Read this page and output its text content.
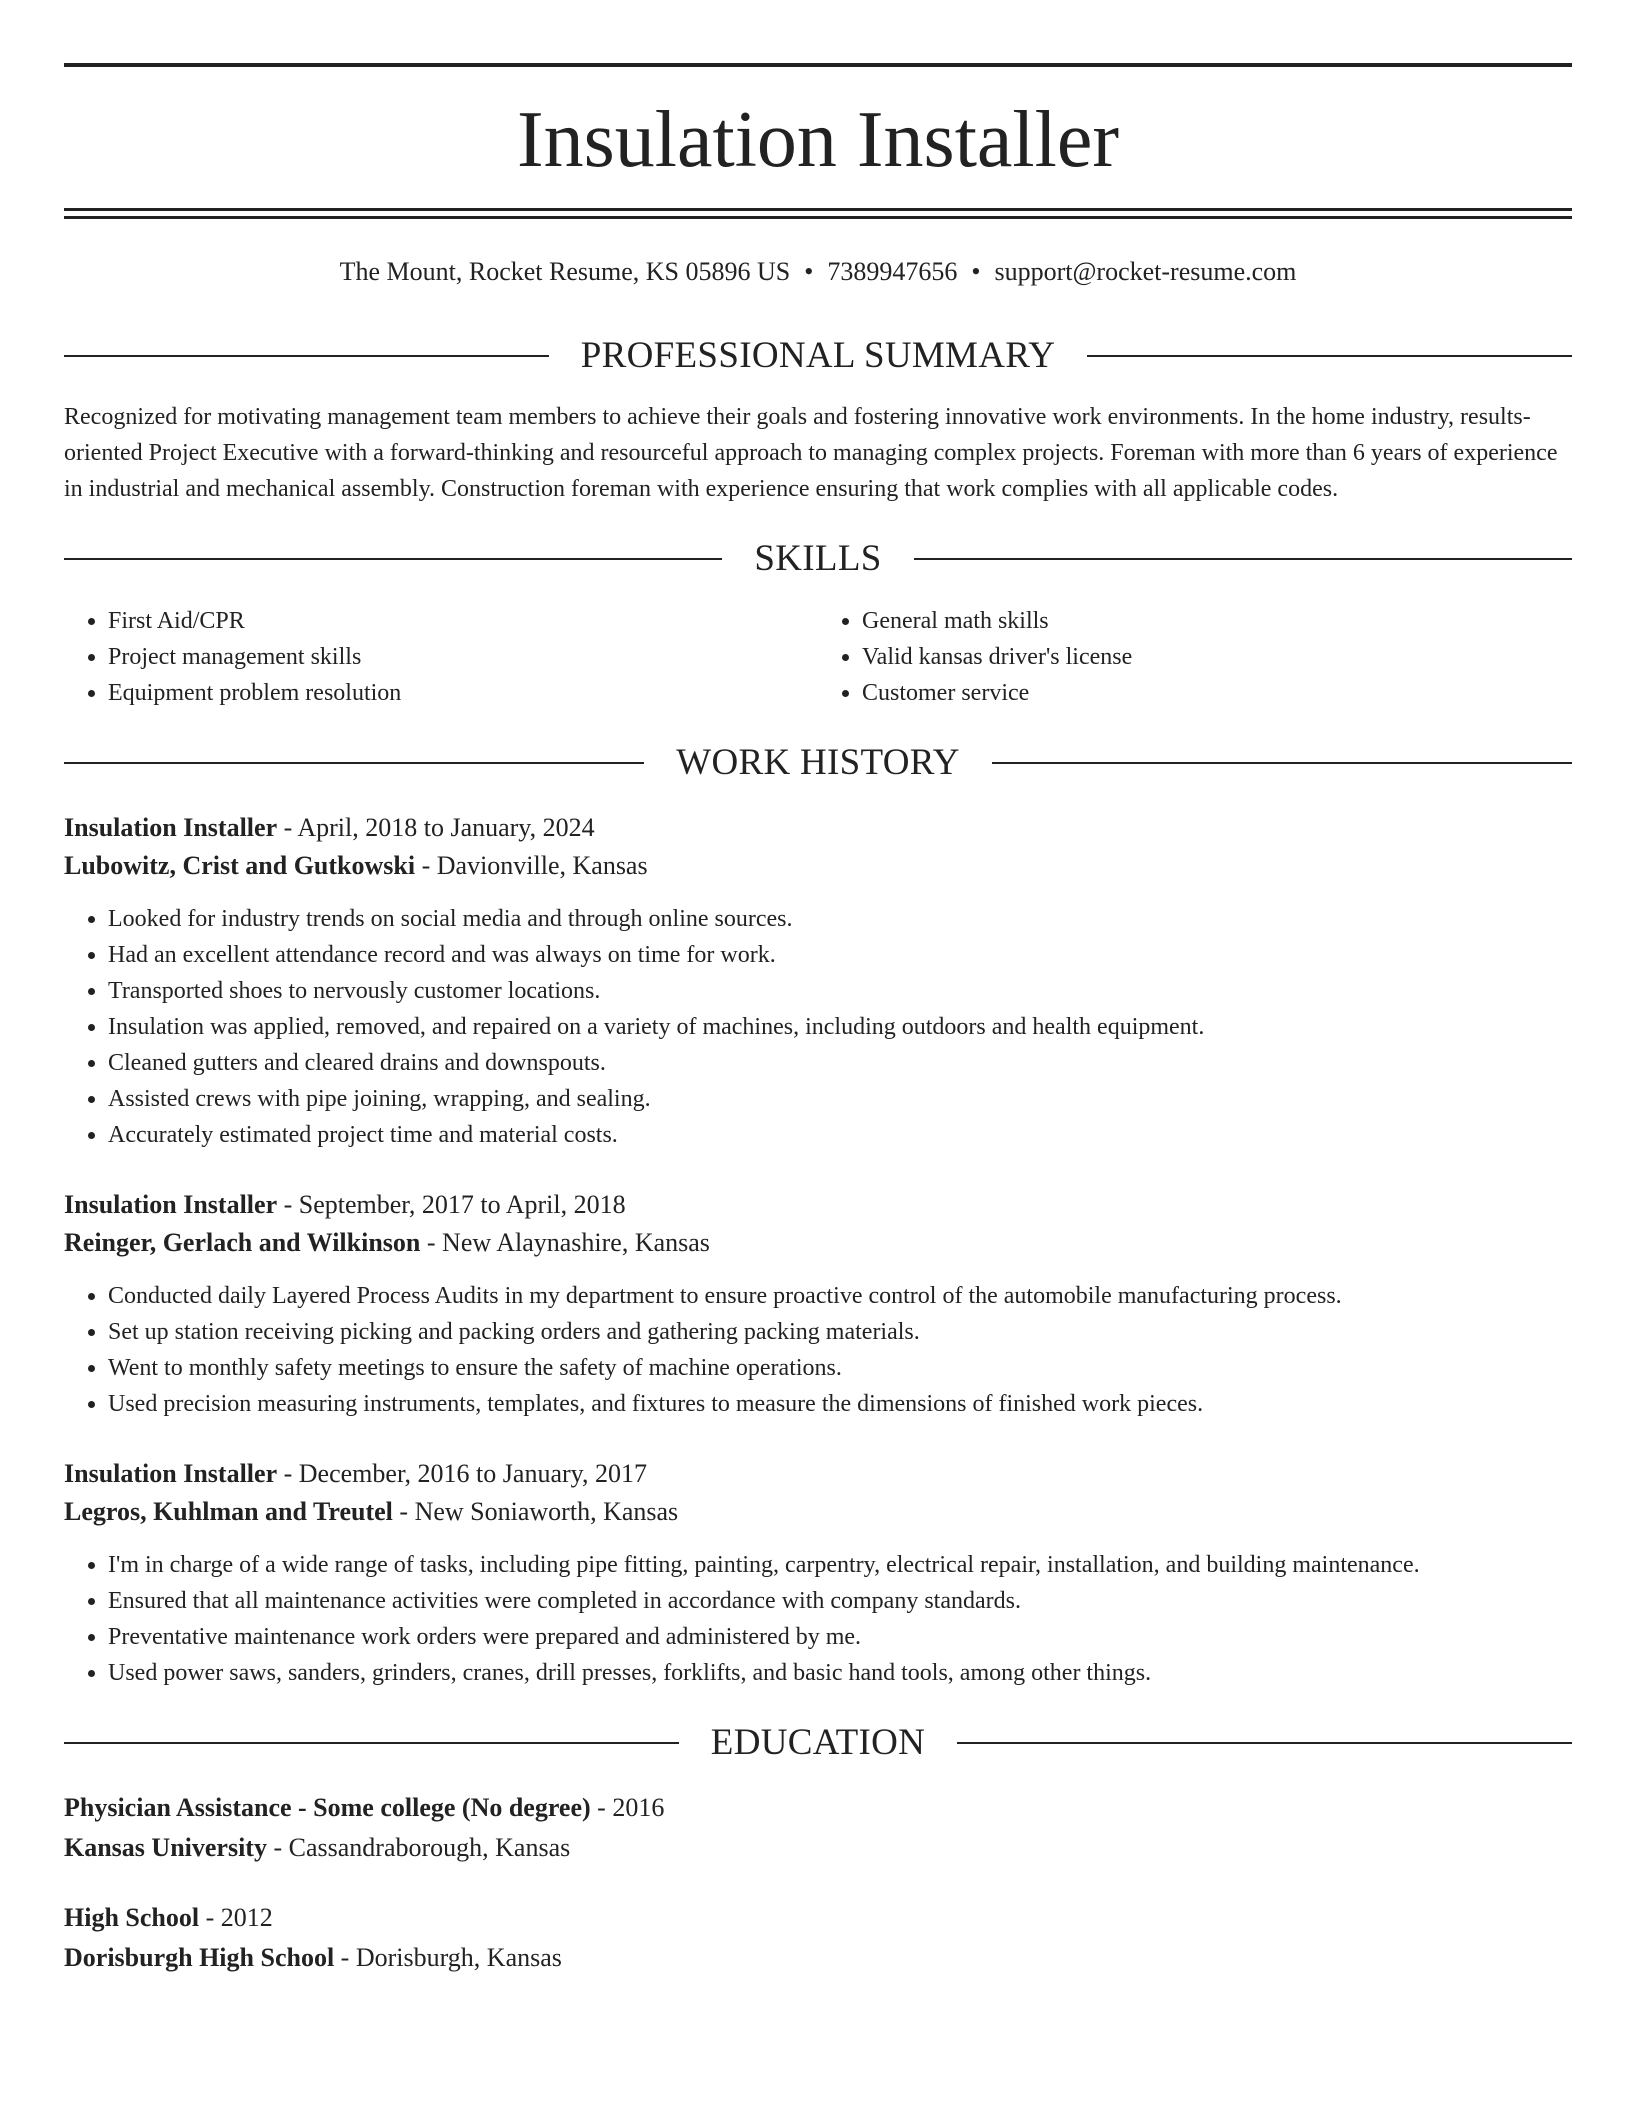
Insulation Installer
The Mount, Rocket Resume, KS 05896 US • 7389947656 • support@rocket-resume.com
PROFESSIONAL SUMMARY

Recognized for motivating management team members to achieve their goals and fostering innovative work environments. In the home industry, results-oriented Project Executive with a forward-thinking and resourceful approach to managing complex projects. Foreman with more than 6 years of experience in industrial and mechanical assembly. Construction foreman with experience ensuring that work complies with all applicable codes.

SKILLS
• First Aid/CPR
• Project management skills
• Equipment problem resolution
• General math skills
• Valid kansas driver's license
• Customer service
WORK HISTORY
Insulation Installer - April, 2018 to January, 2024
Lubowitz, Crist and Gutkowski - Davionville, Kansas
• Looked for industry trends on social media and through online sources.
• Had an excellent attendance record and was always on time for work.
• Transported shoes to nervously customer locations.
• Insulation was applied, removed, and repaired on a variety of machines, including outdoors and health equipment.
• Cleaned gutters and cleared drains and downspouts.
• Assisted crews with pipe joining, wrapping, and sealing.
• Accurately estimated project time and material costs.
Insulation Installer - September, 2017 to April, 2018
Reinger, Gerlach and Wilkinson - New Alaynashire, Kansas
• Conducted daily Layered Process Audits in my department to ensure proactive control of the automobile manufacturing process.
• Set up station receiving picking and packing orders and gathering packing materials.
• Went to monthly safety meetings to ensure the safety of machine operations.
• Used precision measuring instruments, templates, and fixtures to measure the dimensions of finished work pieces.
Insulation Installer - December, 2016 to January, 2017
Legros, Kuhlman and Treutel - New Soniaworth, Kansas
• I'm in charge of a wide range of tasks, including pipe fitting, painting, carpentry, electrical repair, installation, and building maintenance.
• Ensured that all maintenance activities were completed in accordance with company standards.
• Preventative maintenance work orders were prepared and administered by me.
• Used power saws, sanders, grinders, cranes, drill presses, forklifts, and basic hand tools, among other things.
EDUCATION
Physician Assistance - Some college (No degree) - 2016
Kansas University - Cassandraborough, Kansas
High School - 2012
Dorisburgh High School - Dorisburgh, Kansas
